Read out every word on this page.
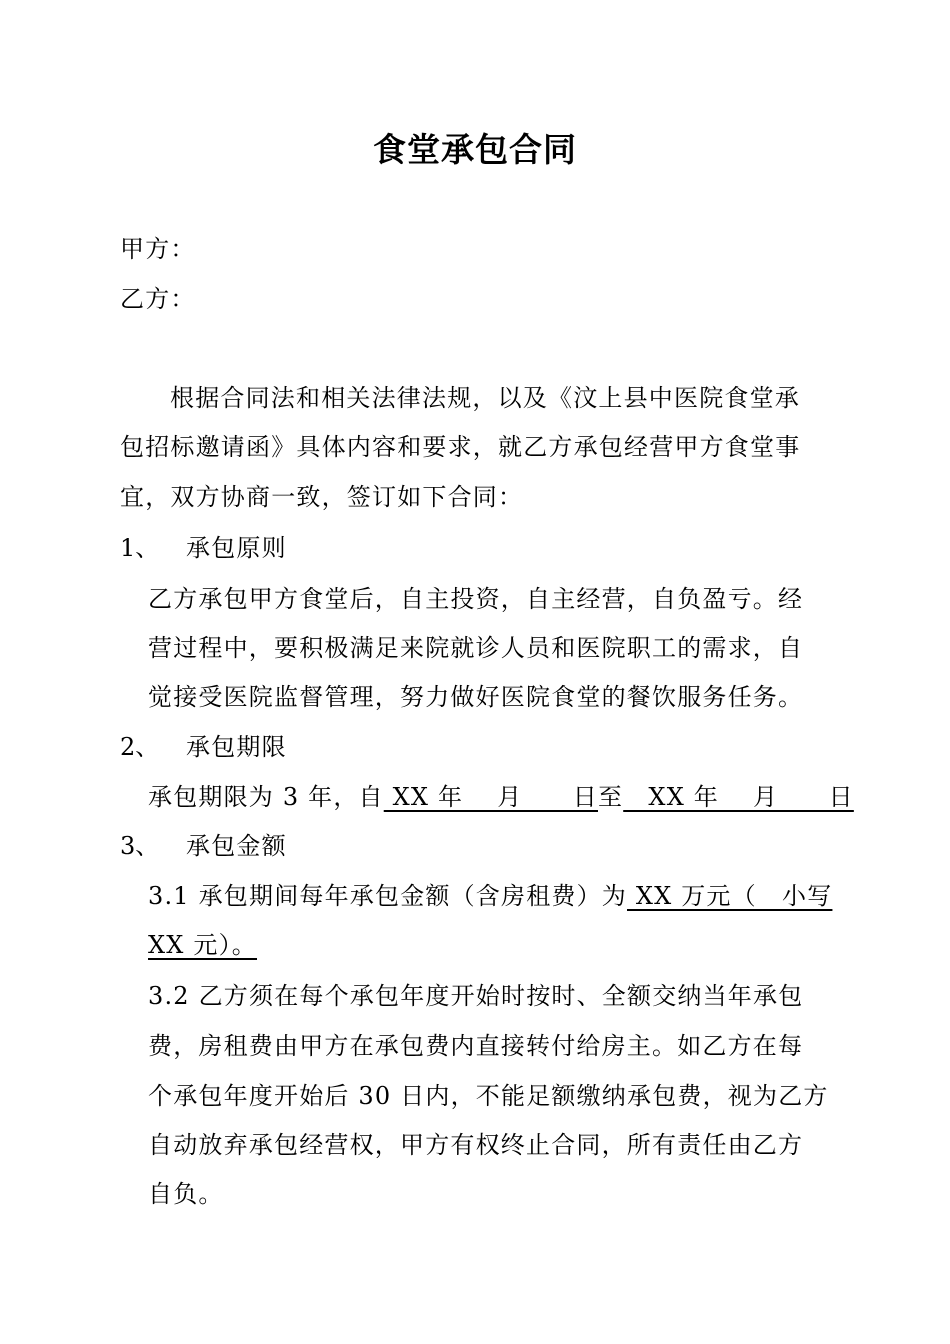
食堂承包合同
甲方：
乙方：
根据合同法和相关法律法规，以及《汶上县中医院食堂承
包招标邀请函》具体内容和要求，就乙方承包经营甲方食堂事
宜，双方协商一致，签订如下合同：
1、 承包原则
乙方承包甲方食堂后，自主投资，自主经营，自负盈亏。经
营过程中，要积极满足来院就诊人员和医院职工的需求，自
觉接受医院监督管理，努力做好医院食堂的餐饮服务任务。
2、 承包期限
承包期限为 3 年，自 XX 年　 月　　日至　XX 年　 月　　日
3、 承包金额
3.1 承包期间每年承包金额（含房租费）为 XX 万元（　小写
XX 元）。
3.2 乙方须在每个承包年度开始时按时、全额交纳当年承包
费，房租费由甲方在承包费内直接转付给房主。如乙方在每
个承包年度开始后 30 日内，不能足额缴纳承包费，视为乙方
自动放弃承包经营权，甲方有权终止合同，所有责任由乙方
自负。
